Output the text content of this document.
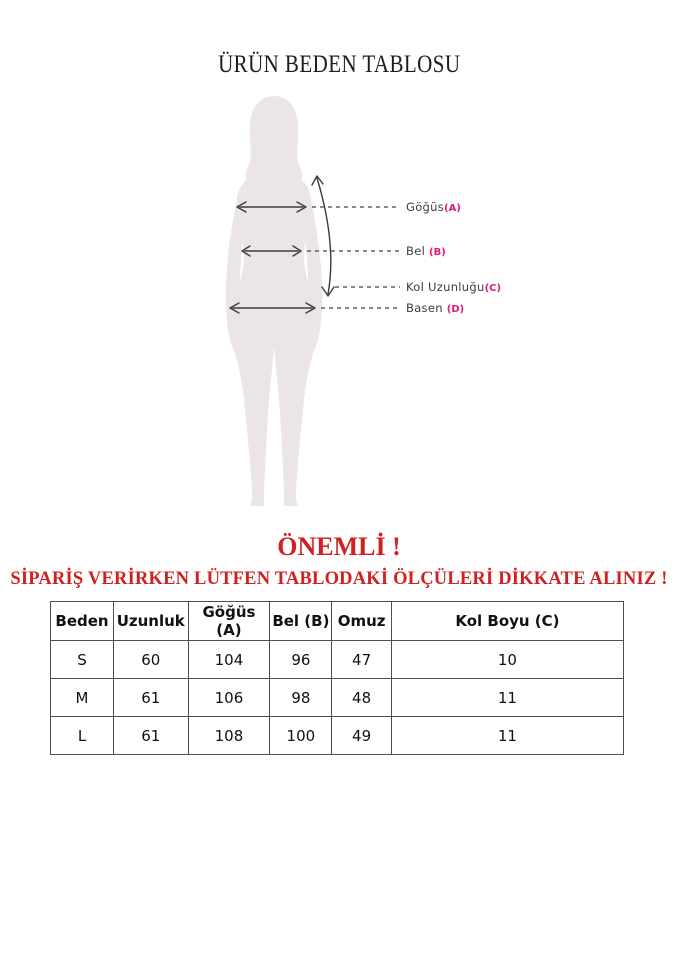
ÜRÜN BEDEN TABLOSU
Göğüs(A)
Bel (B)
Kol Uzunluğu(C)
Basen (D)
ÖNEMLİ !
SİPARİŞ VERİRKEN LÜTFEN TABLODAKİ ÖLÇÜLERİ DİKKATE ALINIZ !
Beden	Uzunluk	Göğüs (A)	Bel (B)	Omuz	Kol Boyu (C)
S	60	104	96	47	10
M	61	106	98	48	11
L	61	108	100	49	11
